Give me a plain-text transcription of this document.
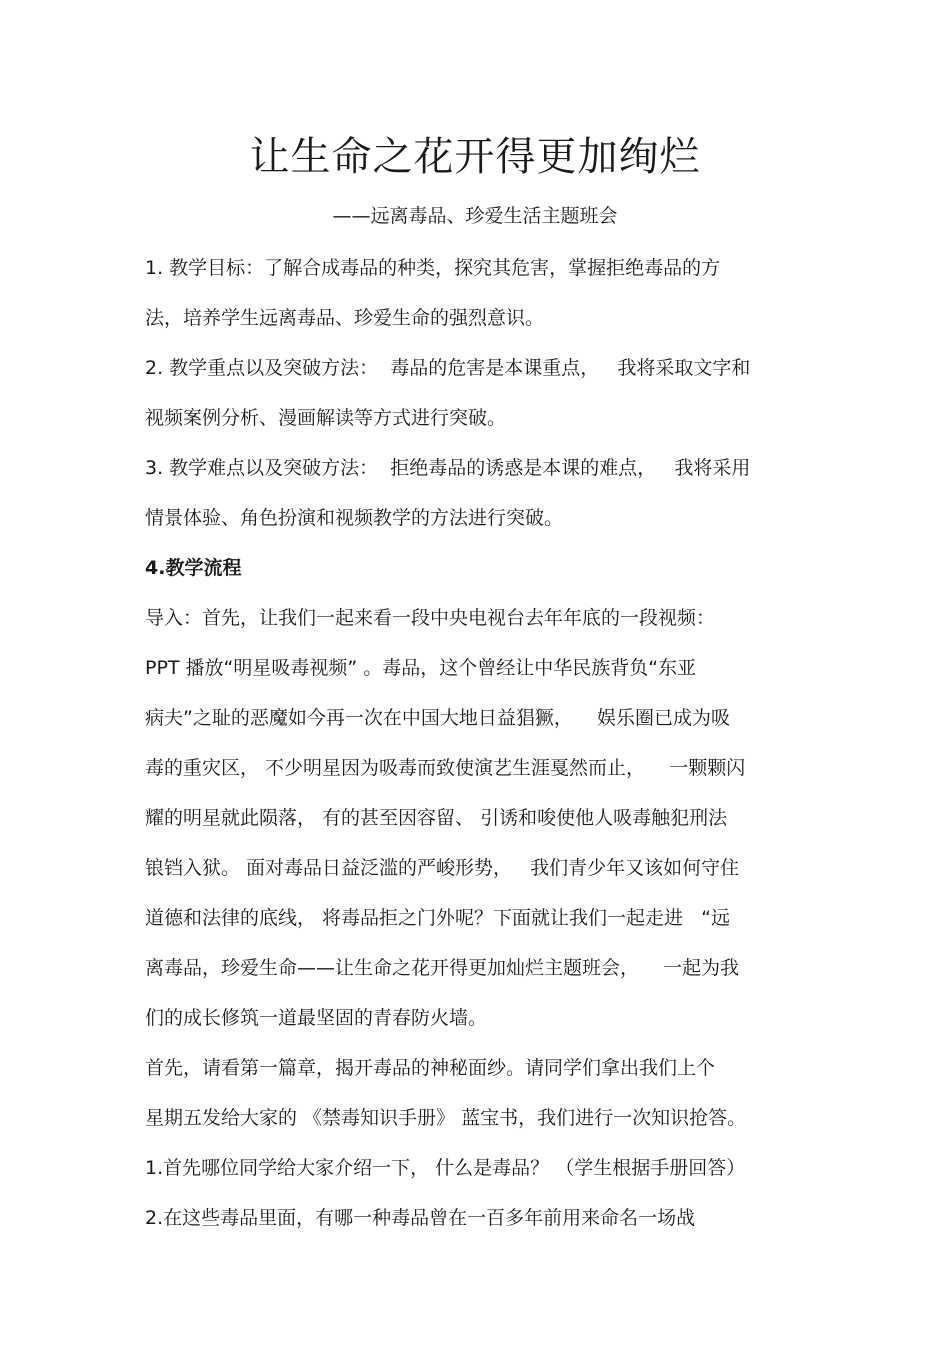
让生命之花开得更加绚烂

——远离毒品、珍爱生活主题班会

1. 教学目标：了解合成毒品的种类，探究其危害，掌握拒绝毒品的方

法，培养学生远离毒品、珍爱生命的强烈意识。

2. 教学重点以及突破方法：  毒品的危害是本课重点，   我将采取文字和

视频案例分析、漫画解读等方式进行突破。

3. 教学难点以及突破方法：  拒绝毒品的诱惑是本课的难点，   我将采用

情景体验、角色扮演和视频教学的方法进行突破。

4.教学流程

导入：首先，让我们一起来看一段中央电视台去年年底的一段视频：

PPT 播放“明星吸毒视频” 。毒品，这个曾经让中华民族背负“东亚

病夫”之耻的恶魔如今再一次在中国大地日益猖獗，    娱乐圈已成为吸

毒的重灾区， 不少明星因为吸毒而致使演艺生涯戛然而止，    一颗颗闪

耀的明星就此陨落， 有的甚至因容留、 引诱和唆使他人吸毒触犯刑法

锒铛入狱。 面对毒品日益泛滥的严峻形势，   我们青少年又该如何守住

道德和法律的底线， 将毒品拒之门外呢？下面就让我们一起走进   “远

离毒品，珍爱生命——让生命之花开得更加灿烂主题班会，    一起为我

们的成长修筑一道最坚固的青春防火墙。

首先，请看第一篇章，揭开毒品的神秘面纱。请同学们拿出我们上个

星期五发给大家的 《禁毒知识手册》 蓝宝书，我们进行一次知识抢答。

1.首先哪位同学给大家介绍一下， 什么是毒品？ （学生根据手册回答）

2.在这些毒品里面，有哪一种毒品曾在一百多年前用来命名一场战
